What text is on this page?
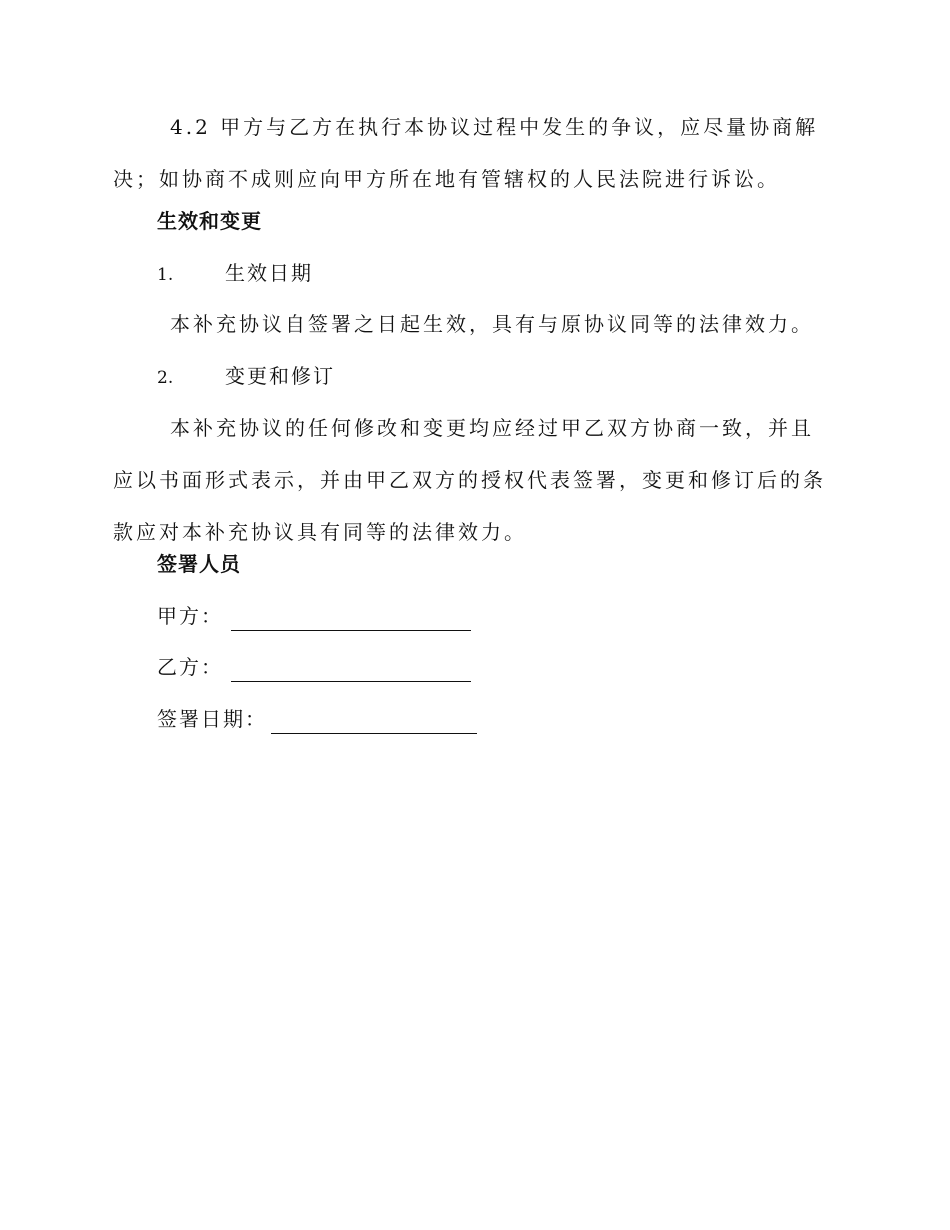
4.2 甲方与乙方在执行本协议过程中发生的争议，应尽量协商解决；如协商不成则应向甲方所在地有管辖权的人民法院进行诉讼。

生效和变更
1.	生效日期

本补充协议自签署之日起生效，具有与原协议同等的法律效力。

2.	变更和修订

本补充协议的任何修改和变更均应经过甲乙双方协商一致，并且应以书面形式表示，并由甲乙双方的授权代表签署，变更和修订后的条款应对本补充协议具有同等的法律效力。

签署人员
甲方：
乙方：
签署日期：
